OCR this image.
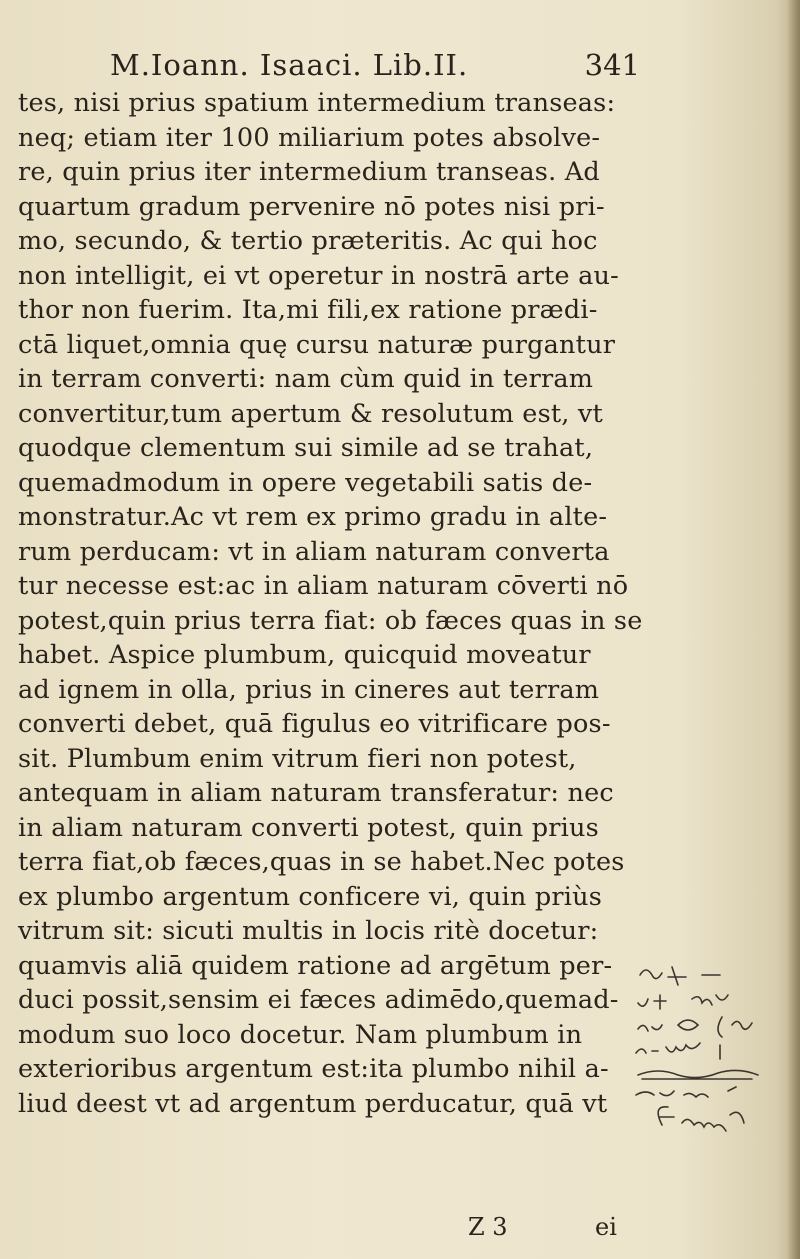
M.Ioann. Isaaci. Lib.II.	341
tes, nisi prius spatium intermedium transeas:
neq; etiam iter 100 miliarium potes absolve-
re, quin prius iter intermedium transeas. Ad
quartum gradum pervenire nō potes nisi pri-
mo, secundo, & tertio præteritis. Ac qui hoc
non intelligit, ei vt operetur in nostrā arte au-
thor non fuerim. Ita,mi fili,ex ratione prædi-
ctā liquet,omnia quę cursu naturæ purgantur
in terram converti: nam cùm quid in terram
convertitur,tum apertum & resolutum est, vt
quodque clementum sui simile ad se trahat,
quemadmodum in opere vegetabili satis de-
monstratur.Ac vt rem ex primo gradu in alte-
rum perducam: vt in aliam naturam converta
tur necesse est:ac in aliam naturam cōverti nō
potest,quin prius terra fiat: ob fæces quas in se
habet. Aspice plumbum, quicquid moveatur
ad ignem in olla, prius in cineres aut terram
converti debet, quā figulus eo vitrificare pos-
sit. Plumbum enim vitrum fieri non potest,
antequam in aliam naturam transferatur: nec
in aliam naturam converti potest, quin prius
terra fiat,ob fæces,quas in se habet.Nec potes
ex plumbo argentum conficere vi, quin priùs
vitrum sit: sicuti multis in locis ritè docetur:
quamvis aliā quidem ratione ad argētum per-
duci possit,sensim ei fæces adimēdo,quemad-
modum suo loco docetur. Nam plumbum in
exterioribus argentum est:ita plumbo nihil a-
liud deest vt ad argentum perducatur, quā vt
Z 3	ei
